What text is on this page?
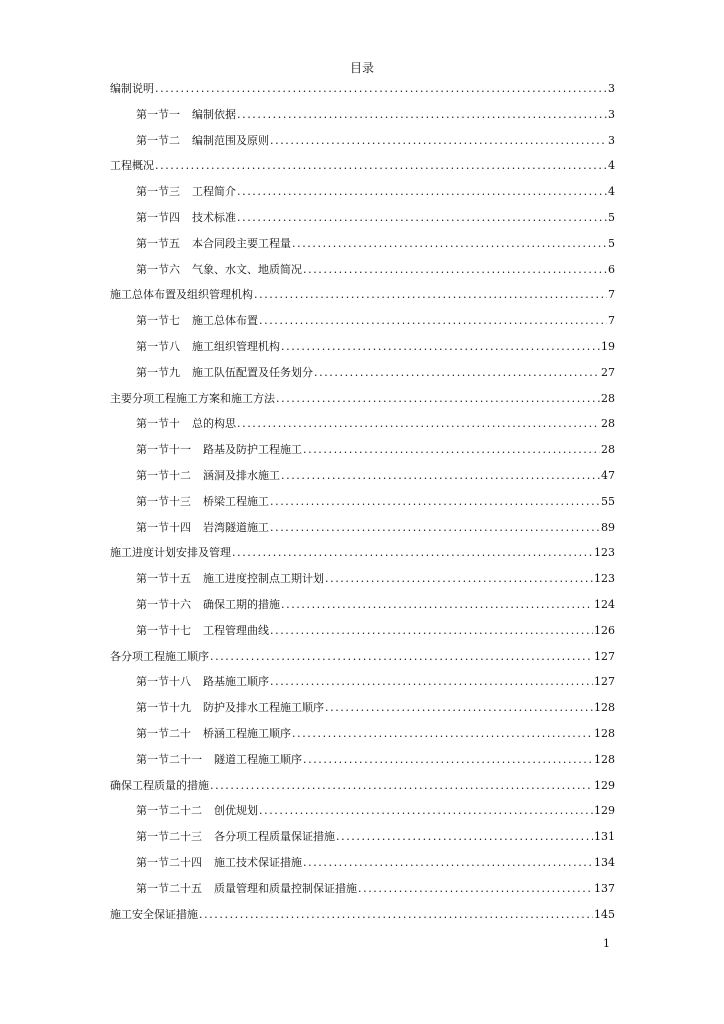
目录
编制说明 .....	3
第一节一 编制依据 .....	3
第一节二 编制范围及原则 .....	3
工程概况 .....	4
第一节三 工程简介 .....	4
第一节四 技术标准 .....	5
第一节五 本合同段主要工程量 .....	5
第一节六 气象、水文、地质简况 .....	6
施工总体布置及组织管理机构 .....	7
第一节七 施工总体布置 .....	7
第一节八 施工组织管理机构 .....	19
第一节九 施工队伍配置及任务划分 .....	27
主要分项工程施工方案和施工方法 .....	28
第一节十 总的构思 .....	28
第一节十一 路基及防护工程施工 .....	28
第一节十二 涵洞及排水施工 .....	47
第一节十三 桥梁工程施工 .....	55
第一节十四 岩湾隧道施工 .....	89
施工进度计划安排及管理 .....	123
第一节十五 施工进度控制点工期计划 .....	123
第一节十六 确保工期的措施 .....	124
第一节十七 工程管理曲线 .....	126
各分项工程施工顺序 .....	127
第一节十八 路基施工顺序 .....	127
第一节十九 防护及排水工程施工顺序 .....	128
第一节二十 桥涵工程施工顺序 .....	128
第一节二十一 隧道工程施工顺序 .....	128
确保工程质量的措施 .....	129
第一节二十二 创优规划 .....	129
第一节二十三 各分项工程质量保证措施 .....	131
第一节二十四 施工技术保证措施 .....	134
第一节二十五 质量管理和质量控制保证措施 .....	137
施工安全保证措施 .....	145
1
